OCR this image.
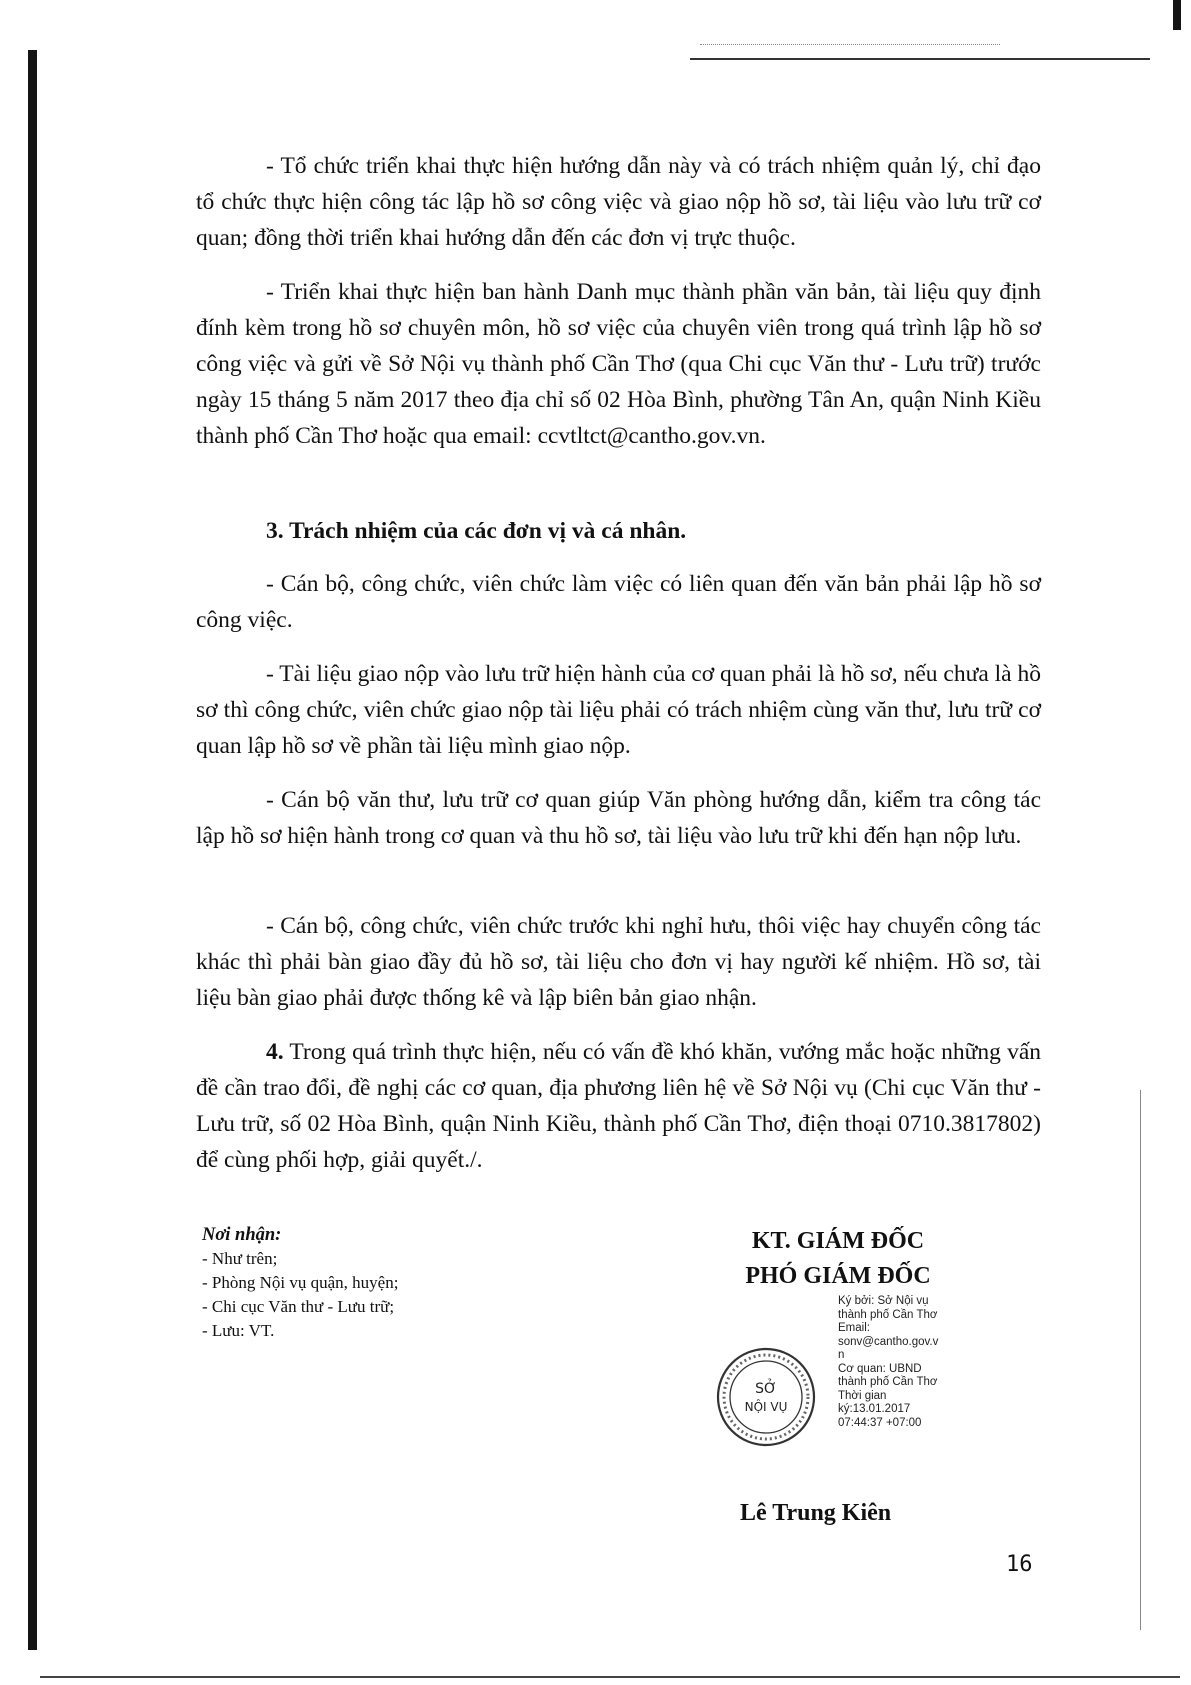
- Tổ chức triển khai thực hiện hướng dẫn này và có trách nhiệm quản lý, chỉ đạo tổ chức thực hiện công tác lập hồ sơ công việc và giao nộp hồ sơ, tài liệu vào lưu trữ cơ quan; đồng thời triển khai hướng dẫn đến các đơn vị trực thuộc.

- Triển khai thực hiện ban hành Danh mục thành phần văn bản, tài liệu quy định đính kèm trong hồ sơ chuyên môn, hồ sơ việc của chuyên viên trong quá trình lập hồ sơ công việc và gửi về Sở Nội vụ thành phố Cần Thơ (qua Chi cục Văn thư - Lưu trữ) trước ngày 15 tháng 5 năm 2017 theo địa chỉ số 02 Hòa Bình, phường Tân An, quận Ninh Kiều thành phố Cần Thơ hoặc qua email: ccvtltct@cantho.gov.vn.

3. Trách nhiệm của các đơn vị và cá nhân.

- Cán bộ, công chức, viên chức làm việc có liên quan đến văn bản phải lập hồ sơ công việc.

- Tài liệu giao nộp vào lưu trữ hiện hành của cơ quan phải là hồ sơ, nếu chưa là hồ sơ thì công chức, viên chức giao nộp tài liệu phải có trách nhiệm cùng văn thư, lưu trữ cơ quan lập hồ sơ về phần tài liệu mình giao nộp.

- Cán bộ văn thư, lưu trữ cơ quan giúp Văn phòng hướng dẫn, kiểm tra công tác lập hồ sơ hiện hành trong cơ quan và thu hồ sơ, tài liệu vào lưu trữ khi đến hạn nộp lưu.

- Cán bộ, công chức, viên chức trước khi nghỉ hưu, thôi việc hay chuyển công tác khác thì phải bàn giao đầy đủ hồ sơ, tài liệu cho đơn vị hay người kế nhiệm. Hồ sơ, tài liệu bàn giao phải được thống kê và lập biên bản giao nhận.

4. Trong quá trình thực hiện, nếu có vấn đề khó khăn, vướng mắc hoặc những vấn đề cần trao đổi, đề nghị các cơ quan, địa phương liên hệ về Sở Nội vụ (Chi cục Văn thư - Lưu trữ, số 02 Hòa Bình, quận Ninh Kiều, thành phố Cần Thơ, điện thoại 0710.3817802) để cùng phối hợp, giải quyết./.

Nơi nhận:
- Như trên;
- Phòng Nội vụ quận, huyện;
- Chi cục Văn thư - Lưu trữ;
- Lưu: VT.
KT. GIÁM ĐỐC
PHÓ GIÁM ĐỐC
SỞ
NỘI VỤ
Ký bởi: Sở Nội vụ
thành phố Cần Thơ
Email:
sonv@cantho.gov.v
n
Cơ quan: UBND
thành phố Cần Thơ
Thời gian
ký:13.01.2017
07:44:37 +07:00
Lê Trung Kiên
16
